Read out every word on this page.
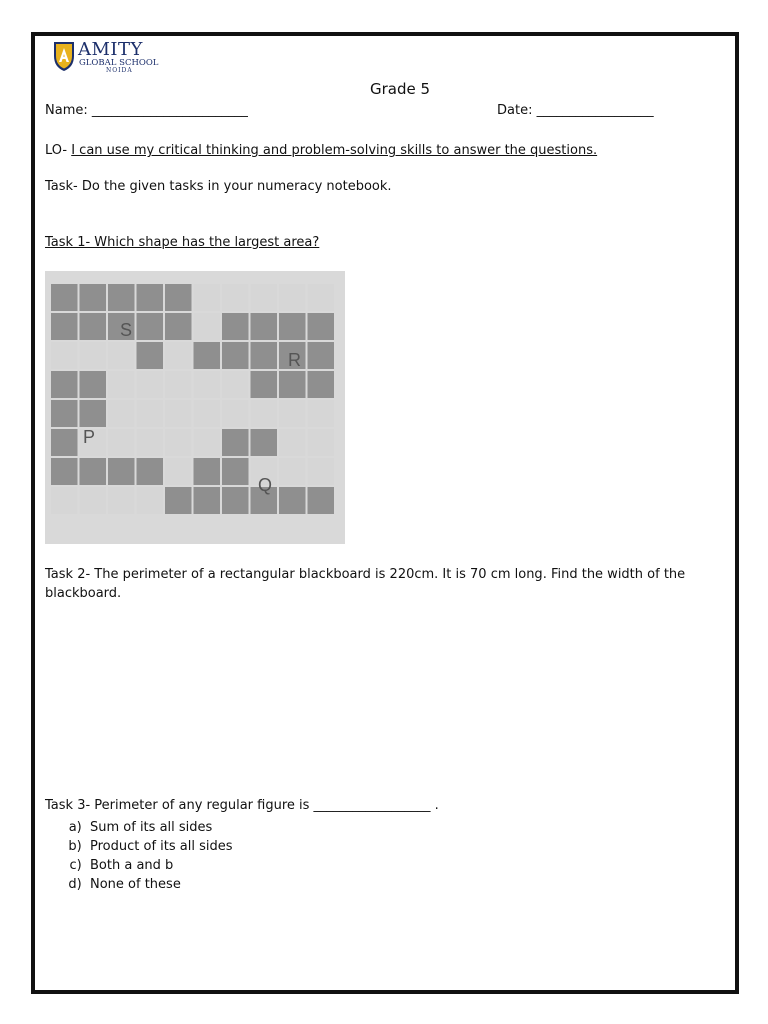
AMITY
GLOBAL SCHOOL
NOIDA
Grade 5
Name: ________________________	Date: __________________
LO- I can use my critical thinking and problem-solving skills to answer the questions.
Task- Do the given tasks in your numeracy notebook.
Task 1- Which shape has the largest area?
S
R
P
Q
Task 2- The perimeter of a rectangular blackboard is 220cm. It is 70 cm long. Find the width of the
blackboard.
Task 3- Perimeter of any regular figure is __________________ .
a. Sum of its all sides
b. Product of its all sides
c. Both a and b
d. None of these
